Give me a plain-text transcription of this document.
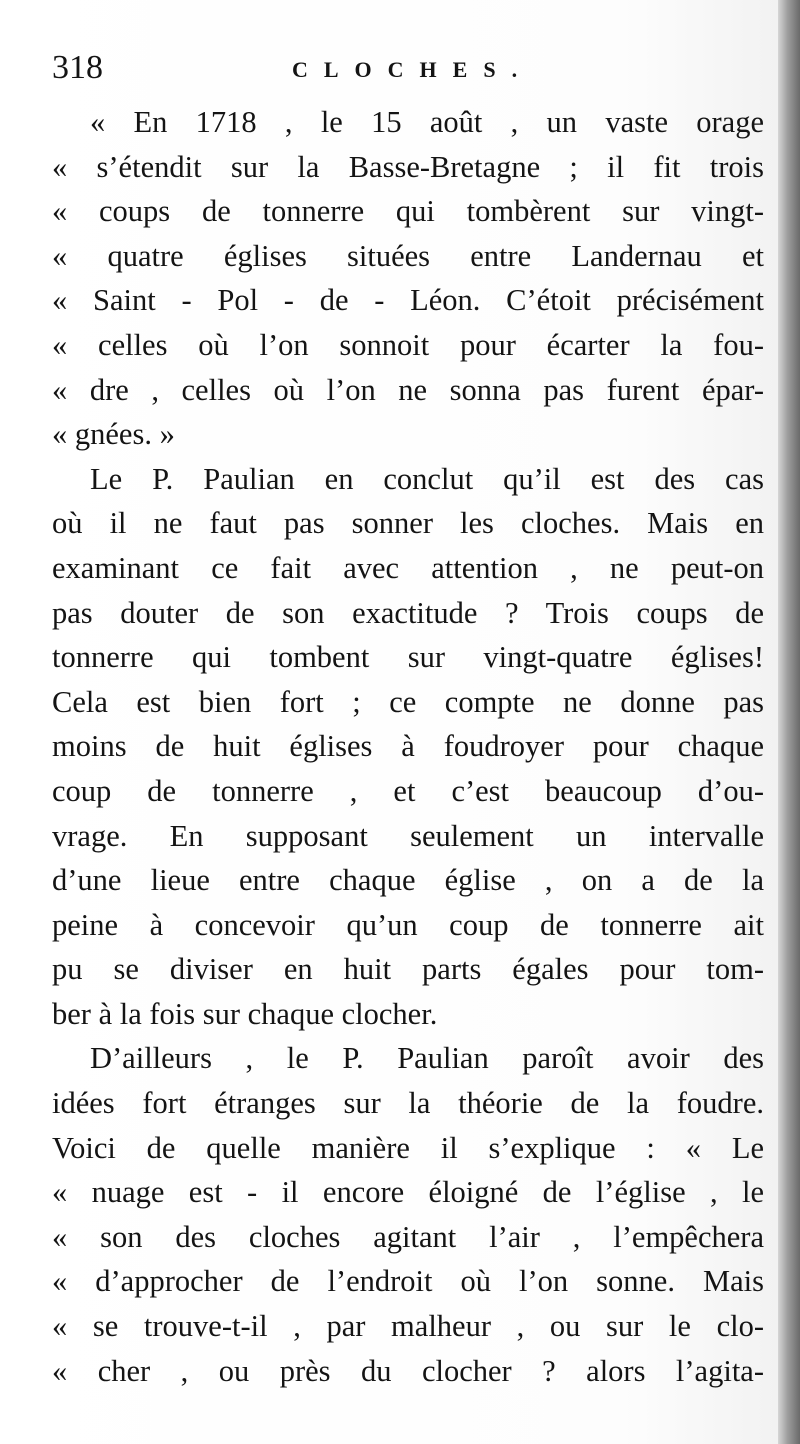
318	CLOCHES.
« En 1718 , le 15 août , un vaste orage
« s’étendit sur la Basse-Bretagne ; il fit trois
« coups de tonnerre qui tombèrent sur vingt-
« quatre églises situées entre Landernau et
« Saint - Pol - de - Léon. C’étoit précisément
« celles où l’on sonnoit pour écarter la fou-
« dre , celles où l’on ne sonna pas furent épar-
« gnées. »
Le P. Paulian en conclut qu’il est des cas
où il ne faut pas sonner les cloches. Mais en
examinant ce fait avec attention , ne peut-on
pas douter de son exactitude ? Trois coups de
tonnerre qui tombent sur vingt-quatre églises!
Cela est bien fort ; ce compte ne donne pas
moins de huit églises à foudroyer pour chaque
coup de tonnerre , et c’est beaucoup d’ou-
vrage. En supposant seulement un intervalle
d’une lieue entre chaque église , on a de la
peine à concevoir qu’un coup de tonnerre ait
pu se diviser en huit parts égales pour tom-
ber à la fois sur chaque clocher.
D’ailleurs , le P. Paulian paroît avoir des
idées fort étranges sur la théorie de la foudre.
Voici de quelle manière il s’explique : « Le
« nuage est - il encore éloigné de l’église , le
« son des cloches agitant l’air , l’empêchera
« d’approcher de l’endroit où l’on sonne. Mais
« se trouve-t-il , par malheur , ou sur le clo-
« cher , ou près du clocher ? alors l’agita-
